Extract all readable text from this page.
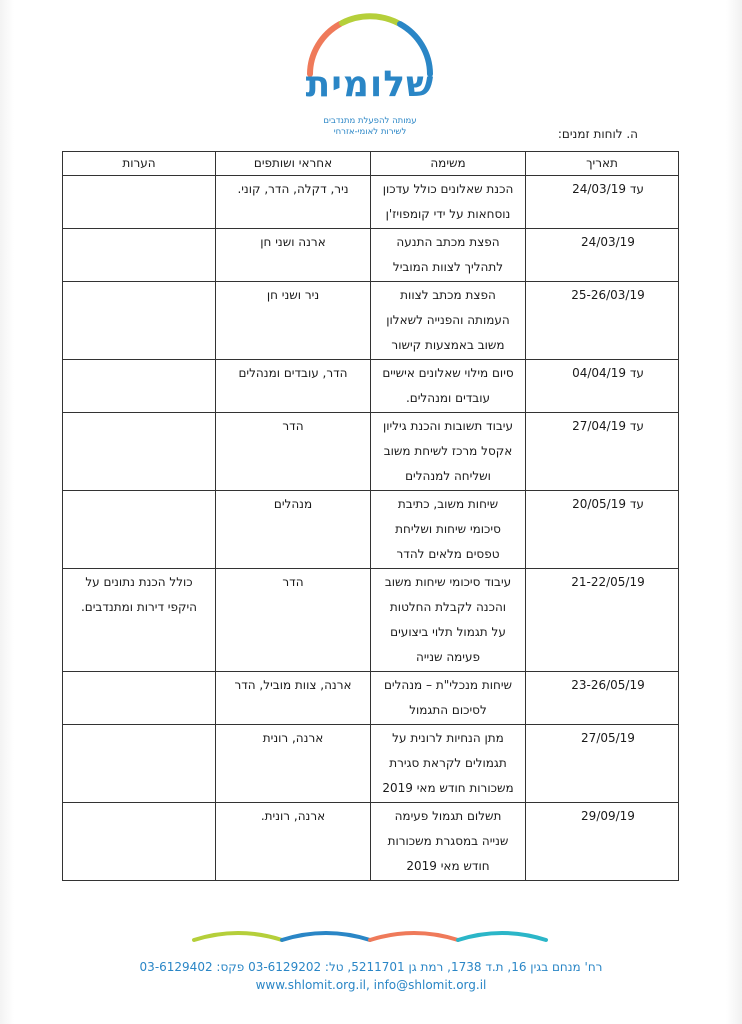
שלומית
עמותה להפעלת מתנדבים
לשירות לאומי-אזרחי	ה. לוחות זמנים:
תאריך	משימה	אחראי ושותפים	הערות

עד 24/03/19	הכנת שאלונים כולל עדכון נוסחאות על ידי קומפויז'ן	ניר, דקלה, הדר, קוני.	

24/03/19	הפצת מכתב התנעה לתהליך לצוות המוביל	ארנה ושני חן	

25-26/03/19	הפצת מכתב לצוות העמותה והפנייה לשאלון משוב באמצעות קישור	ניר ושני חן	

עד 04/04/19	סיום מילוי שאלונים אישיים עובדים ומנהלים.	הדר, עובדים ומנהלים	

עד 27/04/19	עיבוד תשובות והכנת גיליון אקסל מרכז לשיחת משוב ושליחה למנהלים	הדר	

עד 20/05/19	שיחות משוב, כתיבת סיכומי שיחות ושליחת טפסים מלאים להדר	מנהלים	

21-22/05/19	עיבוד סיכומי שיחות משוב והכנה לקבלת החלטות על תגמול תלוי ביצועים פעימה שנייה	הדר	כולל הכנת נתונים על היקפי דירות ומתנדבים.

23-26/05/19	שיחות מנכלי"ת – מנהלים לסיכום התגמול	ארנה, צוות מוביל, הדר	

27/05/19	מתן הנחיות לרונית על תגמולים לקראת סגירת משכורות חודש מאי 2019	ארנה, רונית	

29/09/19	תשלום תגמול פעימה שנייה במסגרת משכורות חודש מאי 2019	ארנה, רונית.	
רח' מנחם בגין 16, ת.ד 1738, רמת גן 5211701, טל: 03-6129202 פקס: 03-6129402
www.shlomit.org.il, info@shlomit.org.il
